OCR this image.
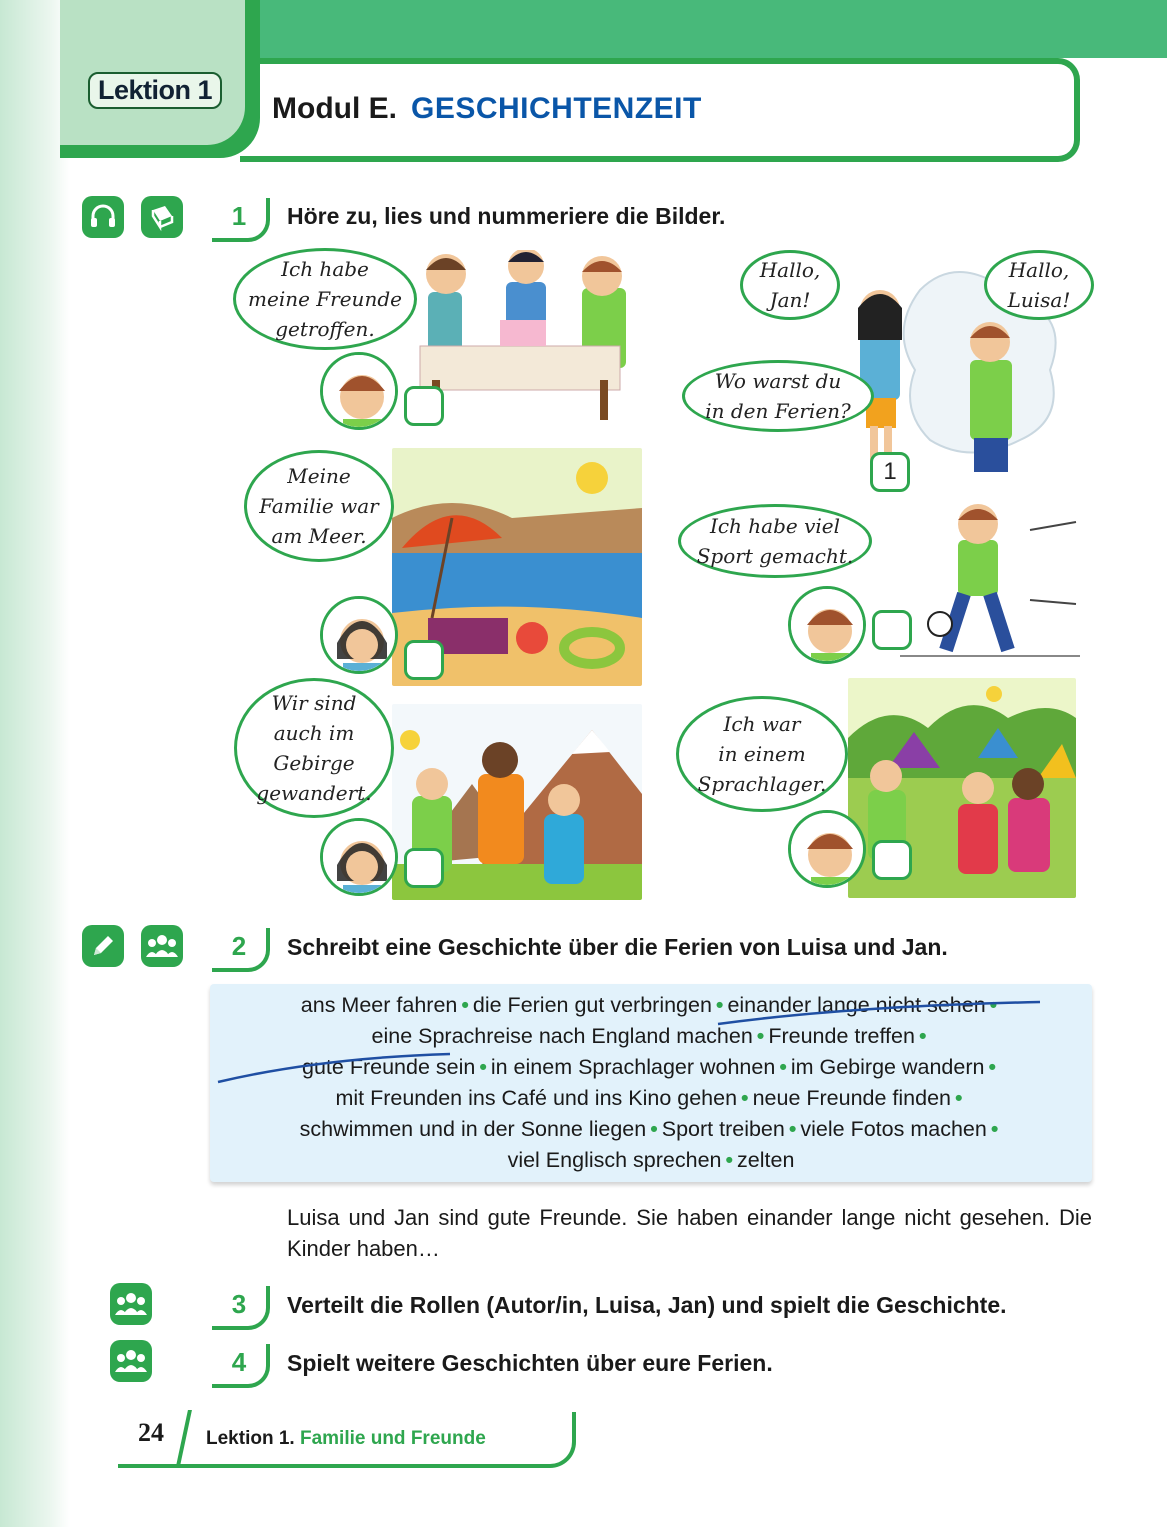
Lektion 1
Modul E. GESCHICHTENZEIT
1	Höre zu, lies und nummeriere die Bilder.
Ich habe
meine Freunde
getroffen.
Hallo,
Jan!
Hallo,
Luisa!
Wo warst du
in den Ferien?
1
Meine
Familie war
am Meer.	Ich habe viel
Sport gemacht.
Wir sind
auch im
Gebirge
gewandert.
Ich war
in einem
Sprachlager.
2	Schreibt eine Geschichte über die Ferien von Luisa und Jan.
ans Meer fahren • die Ferien gut verbringen • einander lange nicht sehen •
eine Sprachreise nach England machen • Freunde treffen •
gute Freunde sein • in einem Sprachlager wohnen • im Gebirge wandern •
mit Freunden ins Café und ins Kino gehen • neue Freunde finden •
schwimmen und in der Sonne liegen • Sport treiben • viele Fotos machen •
viel Englisch sprechen • zelten
Luisa und Jan sind gute Freunde. Sie haben einander lange nicht gesehen. Die Kinder haben…
3	Verteilt die Rollen (Autor/in, Luisa, Jan) und spielt die Geschichte.
4	Spielt weitere Geschichten über eure Ferien.
24 Lektion 1. Familie und Freunde
